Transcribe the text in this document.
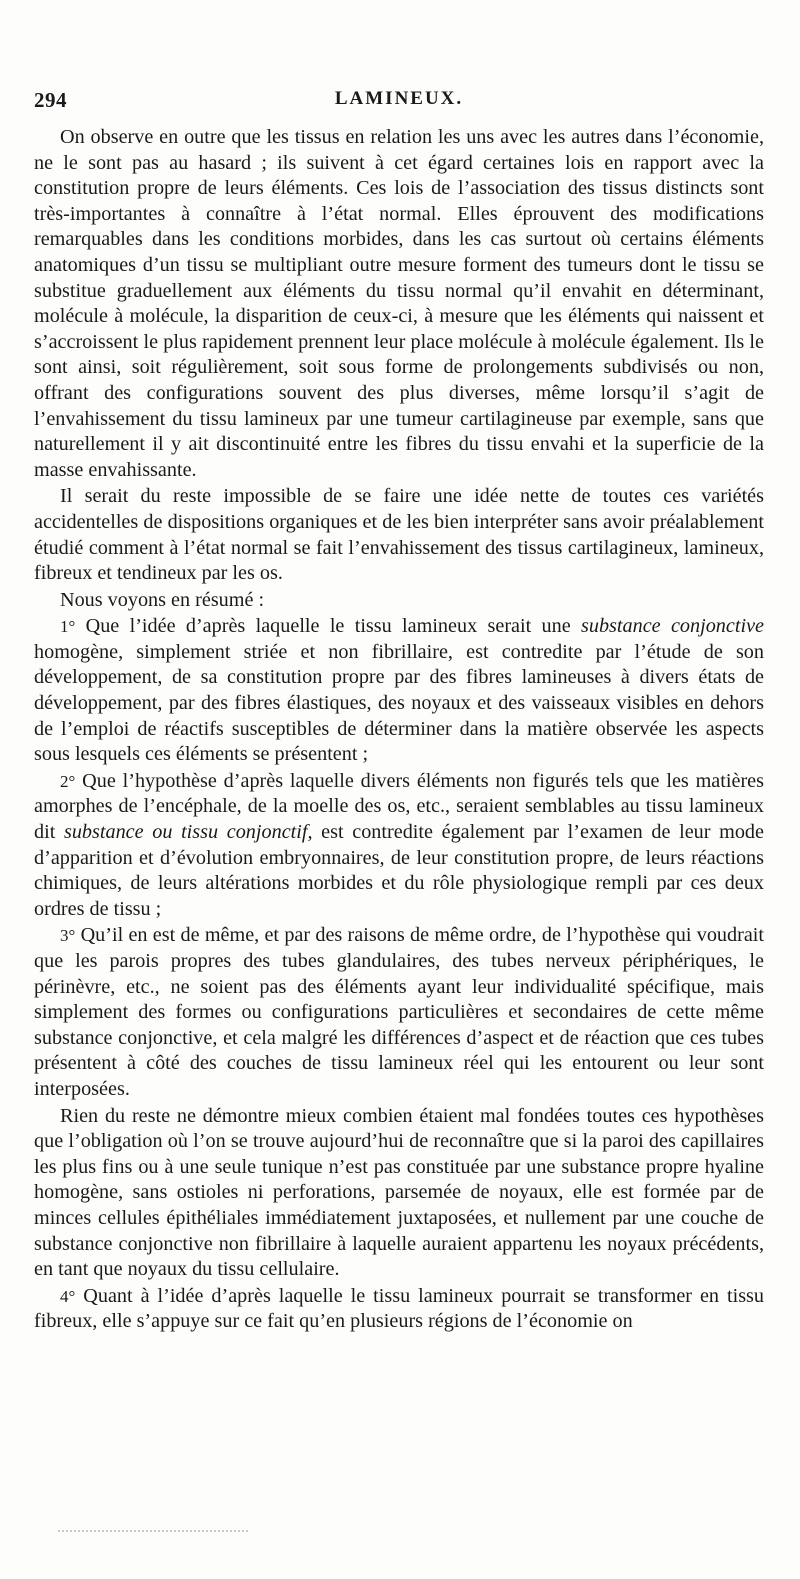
294	LAMINEUX.

On observe en outre que les tissus en relation les uns avec les autres dans l’économie, ne le sont pas au hasard ; ils suivent à cet égard certaines lois en rapport avec la constitution propre de leurs éléments. Ces lois de l’association des tissus distincts sont très-importantes à connaître à l’état normal. Elles éprouvent des modifications remarquables dans les conditions morbides, dans les cas surtout où certains éléments anatomiques d’un tissu se multipliant outre mesure forment des tumeurs dont le tissu se substitue graduellement aux éléments du tissu normal qu’il envahit en déterminant, molécule à molécule, la disparition de ceux-ci, à mesure que les éléments qui naissent et s’accroissent le plus rapidement prennent leur place molécule à molécule également. Ils le sont ainsi, soit régulièrement, soit sous forme de prolongements subdivisés ou non, offrant des configurations souvent des plus diverses, même lorsqu’il s’agit de l’envahissement du tissu lamineux par une tumeur cartilagineuse par exemple, sans que naturellement il y ait discontinuité entre les fibres du tissu envahi et la superficie de la masse envahissante.

Il serait du reste impossible de se faire une idée nette de toutes ces variétés accidentelles de dispositions organiques et de les bien interpréter sans avoir préalablement étudié comment à l’état normal se fait l’envahissement des tissus cartilagineux, lamineux, fibreux et tendineux par les os.

Nous voyons en résumé :

1° Que l’idée d’après laquelle le tissu lamineux serait une substance conjonctive homogène, simplement striée et non fibrillaire, est contredite par l’étude de son développement, de sa constitution propre par des fibres lamineuses à divers états de développement, par des fibres élastiques, des noyaux et des vaisseaux visibles en dehors de l’emploi de réactifs susceptibles de déterminer dans la matière observée les aspects sous lesquels ces éléments se présentent ;

2° Que l’hypothèse d’après laquelle divers éléments non figurés tels que les matières amorphes de l’encéphale, de la moelle des os, etc., seraient semblables au tissu lamineux dit substance ou tissu conjonctif, est contredite également par l’examen de leur mode d’apparition et d’évolution embryonnaires, de leur constitution propre, de leurs réactions chimiques, de leurs altérations morbides et du rôle physiologique rempli par ces deux ordres de tissu ;

3° Qu’il en est de même, et par des raisons de même ordre, de l’hypothèse qui voudrait que les parois propres des tubes glandulaires, des tubes nerveux périphériques, le périnèvre, etc., ne soient pas des éléments ayant leur individualité spécifique, mais simplement des formes ou configurations particulières et secondaires de cette même substance conjonctive, et cela malgré les différences d’aspect et de réaction que ces tubes présentent à côté des couches de tissu lamineux réel qui les entourent ou leur sont interposées.

Rien du reste ne démontre mieux combien étaient mal fondées toutes ces hypothèses que l’obligation où l’on se trouve aujourd’hui de reconnaître que si la paroi des capillaires les plus fins ou à une seule tunique n’est pas constituée par une substance propre hyaline homogène, sans ostioles ni perforations, parsemée de noyaux, elle est formée par de minces cellules épithéliales immédiatement juxtaposées, et nullement par une couche de substance conjonctive non fibrillaire à laquelle auraient appartenu les noyaux précédents, en tant que noyaux du tissu cellulaire.

4° Quant à l’idée d’après laquelle le tissu lamineux pourrait se transformer en tissu fibreux, elle s’appuye sur ce fait qu’en plusieurs régions de l’économie on
